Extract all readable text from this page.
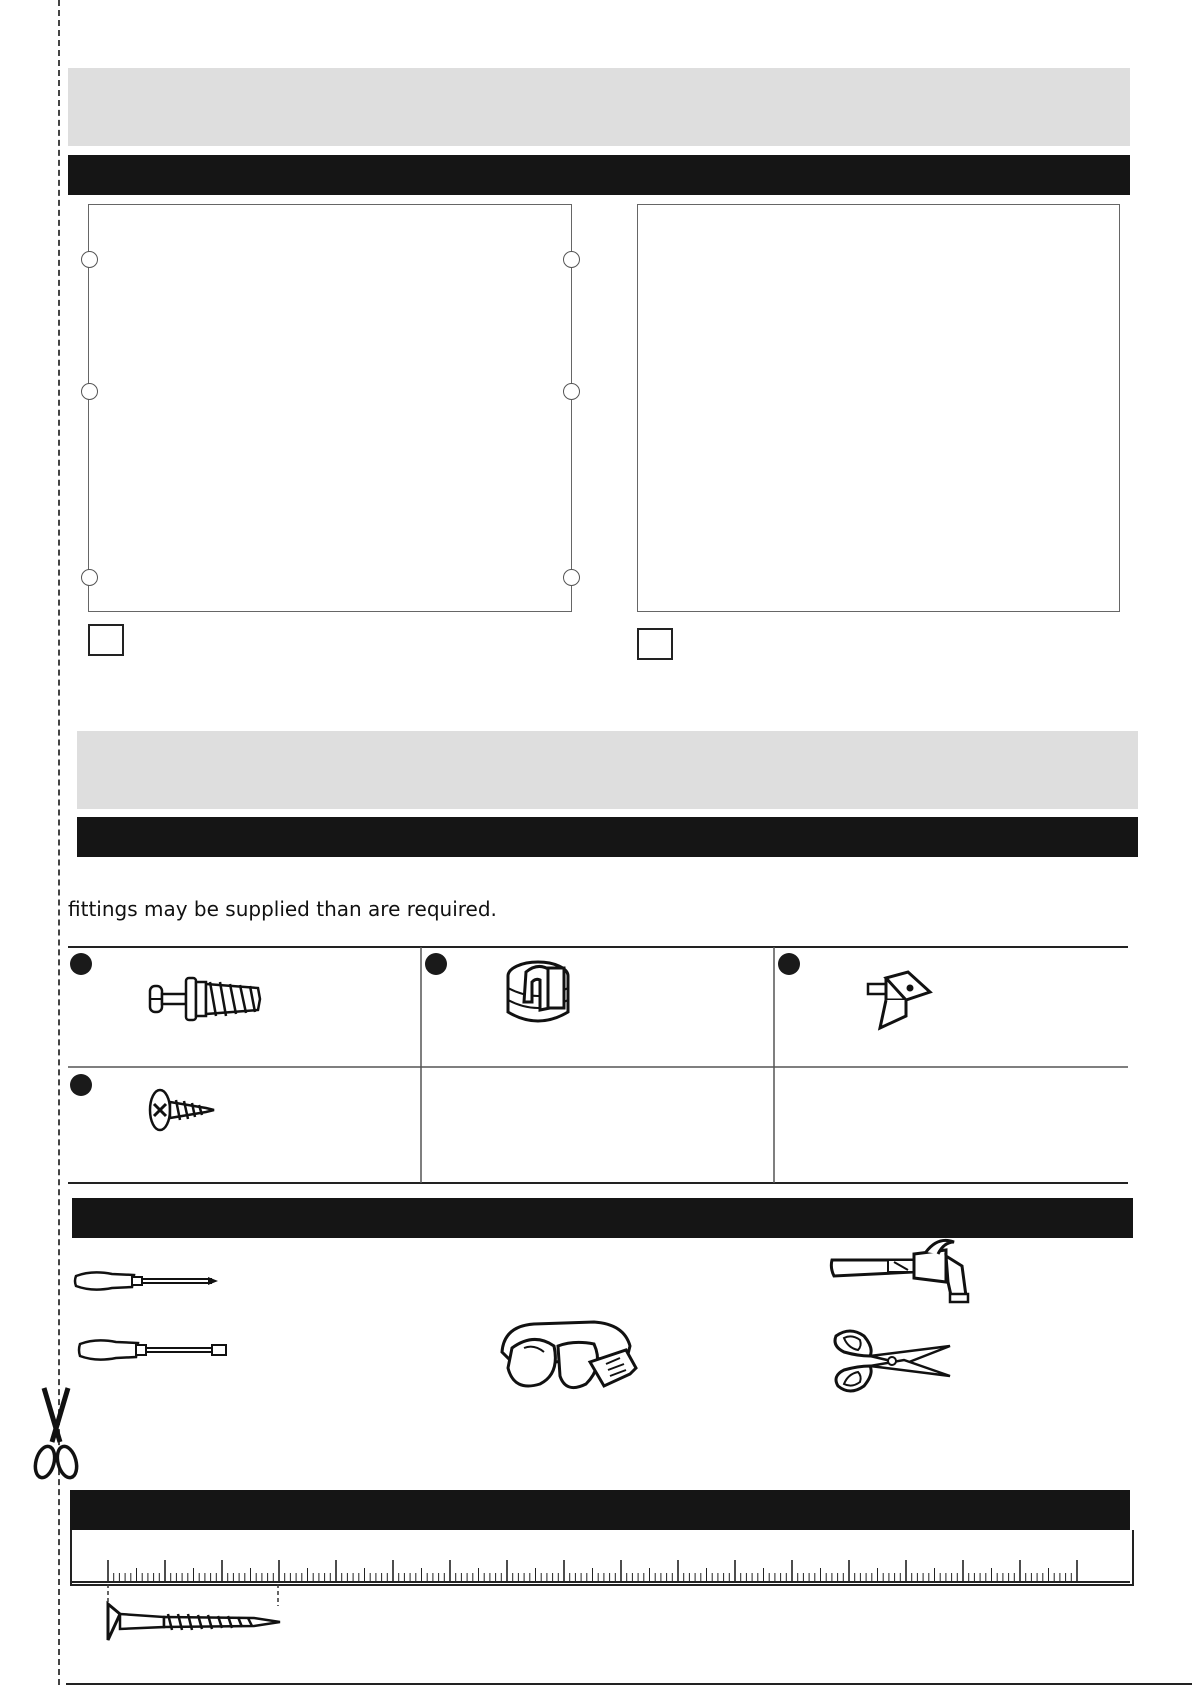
fittings may be supplied than are required.
